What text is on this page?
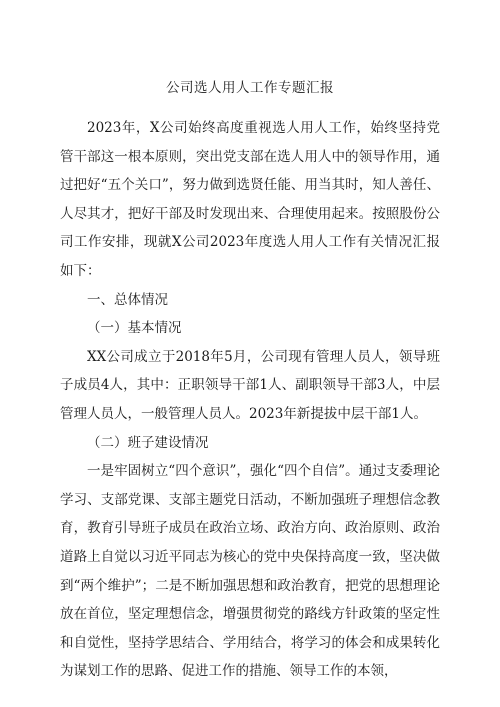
公司选人用人工作专题汇报

2023年，X公司始终高度重视选人用人工作，始终坚持党管干部这一根本原则，突出党支部在选人用人中的领导作用，通过把好“五个关口”，努力做到选贤任能、用当其时，知人善任、人尽其才，把好干部及时发现出来、合理使用起来。按照股份公司工作安排，现就X公司2023年度选人用人工作有关情况汇报如下：

一、总体情况

（一）基本情况

XX公司成立于2018年5月，公司现有管理人员人，领导班子成员4人，其中：正职领导干部1人、副职领导干部3人，中层管理人员人，一般管理人员人。2023年新提拔中层干部1人。

（二）班子建设情况

一是牢固树立“四个意识”，强化“四个自信”。通过支委理论学习、支部党课、支部主题党日活动，不断加强班子理想信念教育，教育引导班子成员在政治立场、政治方向、政治原则、政治道路上自觉以习近平同志为核心的党中央保持高度一致，坚决做到“两个维护”；二是不断加强思想和政治教育，把党的思想理论放在首位，坚定理想信念，增强贯彻党的路线方针政策的坚定性和自觉性，坚持学思结合、学用结合，将学习的体会和成果转化为谋划工作的思路、促进工作的措施、领导工作的本领，
